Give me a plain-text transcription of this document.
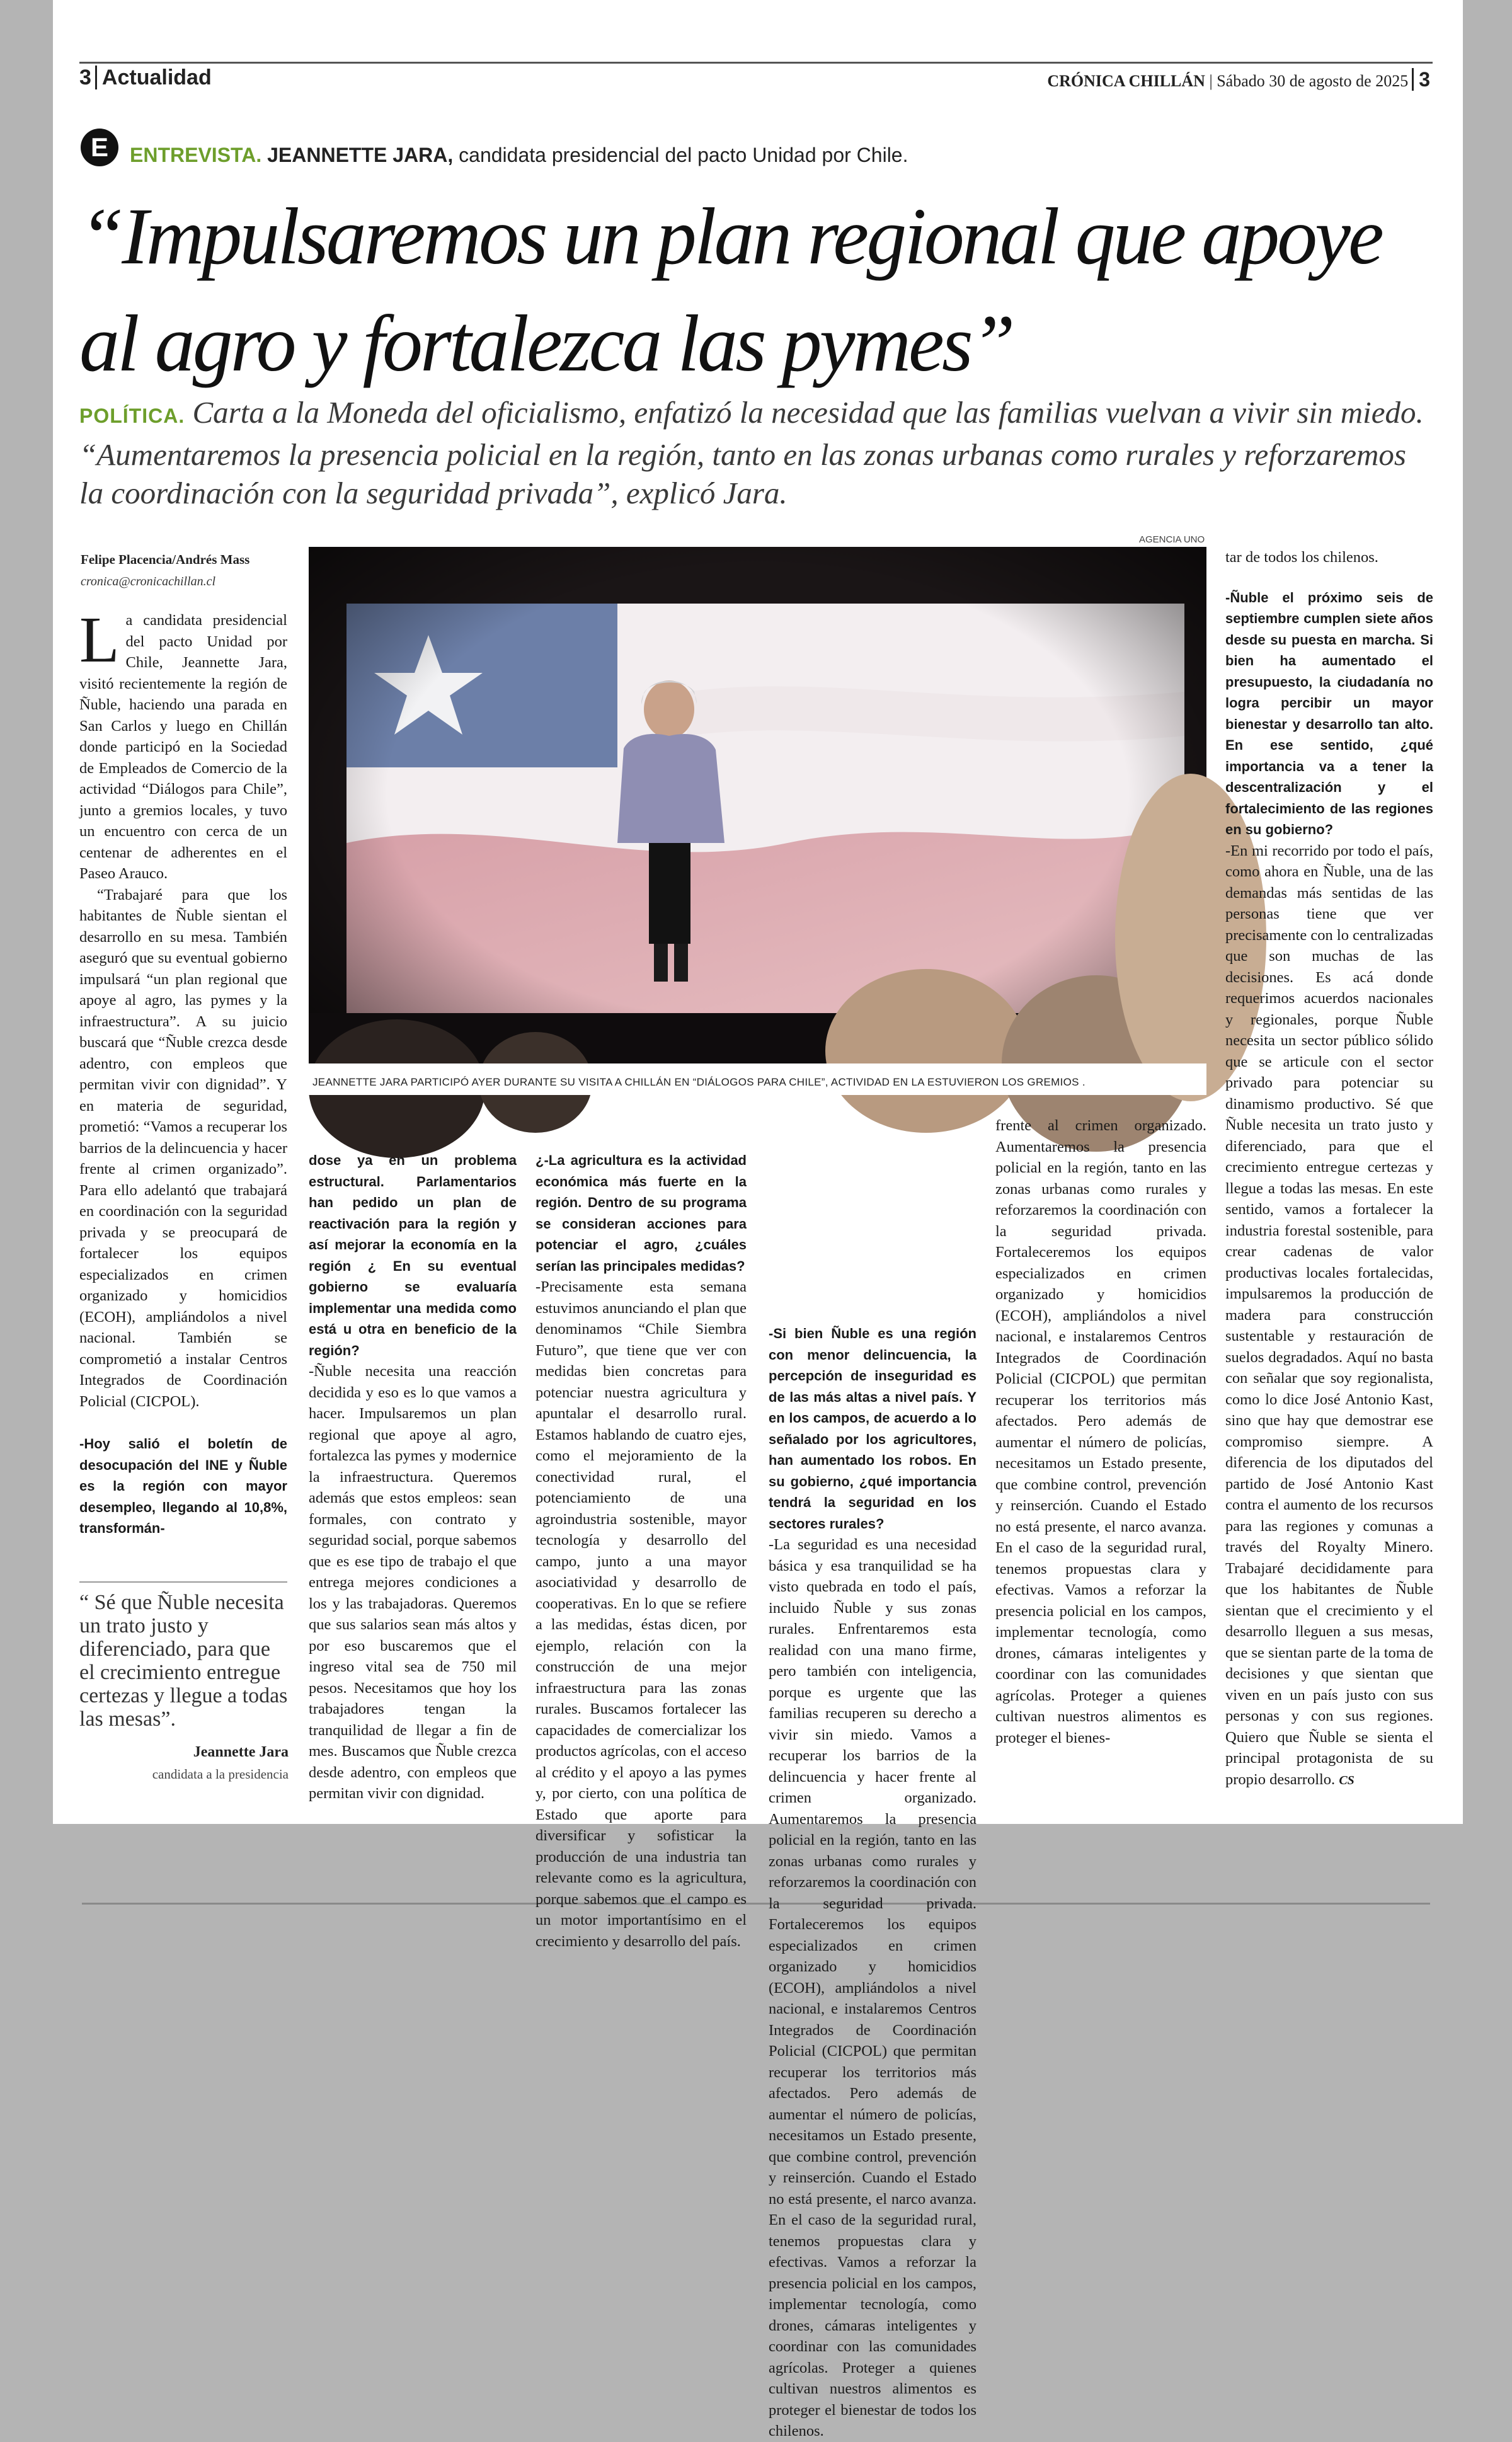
3 Actualidad	CRÓNICA CHILLÁN | Sábado 30 de agosto de 2025 3
E	ENTREVISTA. JEANNETTE JARA, candidata presidencial del pacto Unidad por Chile.
“Impulsaremos un plan regional que apoye al agro y fortalezca las pymes”
POLÍTICA. Carta a la Moneda del oficialismo, enfatizó la necesidad que las familias vuelvan a vivir sin miedo. “Aumentaremos la presencia policial en la región, tanto en las zonas urbanas como rurales y reforzaremos la coordinación con la seguridad privada”, explicó Jara.
Felipe Placencia/Andrés Mass
cronica@cronicachillan.cl
AGENCIA UNO
JEANNETTE JARA PARTICIPÓ AYER DURANTE SU VISITA A CHILLÁN EN “DIÁLOGOS PARA CHILE”, ACTIVIDAD EN LA ESTUVIERON LOS GREMIOS .

La candidata presidencial del pacto Unidad por Chile, Jeannette Jara, visitó recientemente la región de Ñuble, haciendo una parada en San Carlos y luego en Chillán donde participó en la Sociedad de Empleados de Comercio de la actividad “Diálogos para Chile”, junto a gremios locales, y tuvo un encuentro con cerca de un centenar de adherentes en el Paseo Arauco.

“Trabajaré para que los habitantes de Ñuble sientan el desarrollo en su mesa. También aseguró que su eventual gobierno impulsará “un plan regional que apoye al agro, las pymes y la infraestructura”. A su juicio buscará que “Ñuble crezca desde adentro, con empleos que permitan vivir con dignidad”. Y en materia de seguridad, prometió: “Vamos a recuperar los barrios de la delincuencia y hacer frente al crimen organizado”. Para ello adelantó que trabajará en coordinación con la seguridad privada y se preocupará de fortalecer los equipos especializados en crimen organizado y homicidios (ECOH), ampliándolos a nivel nacional. También se comprometió a instalar Centros Integrados de Coordinación Policial (CICPOL).

-Hoy salió el boletín de desocupación del INE y Ñuble es la región con mayor desempleo, llegando al 10,8%, transformán-

“ Sé que Ñuble necesita un trato justo y diferenciado, para que el crecimiento entregue certezas y llegue a todas las mesas”.
Jeannette Jara
candidata a la presidencia

dose ya en un problema estructural. Parlamentarios han pedido un plan de reactivación para la región y así mejorar la economía en la región ¿ En su eventual gobierno se evaluaría implementar una medida como está u otra en beneficio de la región?

-Ñuble necesita una reacción decidida y eso es lo que vamos a hacer. Impulsaremos un plan regional que apoye al agro, fortalezca las pymes y modernice la infraestructura. Queremos además que estos empleos: sean formales, con contrato y seguridad social, porque sabemos que es ese tipo de trabajo el que entrega mejores condiciones a los y las trabajadoras. Queremos que sus salarios sean más altos y por eso buscaremos que el ingreso vital sea de 750 mil pesos. Necesitamos que hoy los trabajadores tengan la tranquilidad de llegar a fin de mes. Buscamos que Ñuble crezca desde adentro, con empleos que permitan vivir con dignidad.

¿-La agricultura es la actividad económica más fuerte en la región. Dentro de su programa se consideran acciones para potenciar el agro, ¿cuáles serían las principales medidas?

-Precisamente esta semana estuvimos anunciando el plan que denominamos “Chile Siembra Futuro”, que tiene que ver con medidas bien concretas para potenciar nuestra agricultura y apuntalar el desarrollo rural. Estamos hablando de cuatro ejes, como el mejoramiento de la conectividad rural, el potenciamiento de una agroindustria sostenible, mayor tecnología y desarrollo del campo, junto a una mayor asociatividad y desarrollo de cooperativas. En lo que se refiere a las medidas, éstas dicen, por ejemplo, relación con la construcción de una mejor infraestructura para las zonas rurales. Buscamos fortalecer las capacidades de comercializar los productos agrícolas, con el acceso al crédito y el apoyo a las pymes y, por cierto, con una política de Estado que aporte para diversificar y sofisticar la producción de una industria tan relevante como es la agricultura, porque sabemos que el campo es un motor importantísimo en el crecimiento y desarrollo del país.

-Si bien Ñuble es una región con menor delincuencia, la percepción de inseguridad es de las más altas a nivel país. Y en los campos, de acuerdo a lo señalado por los agricultores, han aumentado los robos. En su gobierno, ¿qué importancia tendrá la seguridad en los sectores rurales?

-La seguridad es una necesidad básica y esa tranquilidad se ha visto quebrada en todo el país, incluido Ñuble y sus zonas rurales. Enfrentaremos esta realidad con una mano firme, pero también con inteligencia, porque es urgente que las familias recuperen su derecho a vivir sin miedo. Vamos a recuperar los barrios de la delincuencia y hacer frente al crimen organizado. Aumentaremos la presencia policial en la región, tanto en las zonas urbanas como rurales y reforzaremos la coordinación con la seguridad privada. Fortaleceremos los equipos especializados en crimen organizado y homicidios (ECOH), ampliándolos a nivel nacional, e instalaremos Centros Integrados de Coordinación Policial (CICPOL) que permitan recuperar los territorios más afectados. Pero además de aumentar el número de policías, necesitamos un Estado presente, que combine control, prevención y reinserción. Cuando el Estado no está presente, el narco avanza. En el caso de la seguridad rural, tenemos propuestas clara y efectivas. Vamos a reforzar la presencia policial en los campos, implementar tecnología, como drones, cámaras inteligentes y coordinar con las comunidades agrícolas. Proteger a quienes cultivan nuestros alimentos es proteger el bienestar de todos los chilenos.

frente al crimen organizado. Aumentaremos la presencia policial en la región, tanto en las zonas urbanas como rurales y reforzaremos la coordinación con la seguridad privada. Fortaleceremos los equipos especializados en crimen organizado y homicidios (ECOH), ampliándolos a nivel nacional, e instalaremos Centros Integrados de Coordinación Policial (CICPOL) que permitan recuperar los territorios más afectados. Pero además de aumentar el número de policías, necesitamos un Estado presente, que combine control, prevención y reinserción. Cuando el Estado no está presente, el narco avanza. En el caso de la seguridad rural, tenemos propuestas clara y efectivas. Vamos a reforzar la presencia policial en los campos, implementar tecnología, como drones, cámaras inteligentes y coordinar con las comunidades agrícolas. Proteger a quienes cultivan nuestros alimentos es proteger el bienes-

tar de todos los chilenos.

-Ñuble el próximo seis de septiembre cumplen siete años desde su puesta en marcha. Si bien ha aumentado el presupuesto, la ciudadanía no logra percibir un mayor bienestar y desarrollo tan alto. En ese sentido, ¿qué importancia va a tener la descentralización y el fortalecimiento de las regiones en su gobierno?

-En mi recorrido por todo el país, como ahora en Ñuble, una de las demandas más sentidas de las personas tiene que ver precisamente con lo centralizadas que son muchas de las decisiones. Es acá donde requerimos acuerdos nacionales y regionales, porque Ñuble necesita un sector público sólido que se articule con el sector privado para potenciar su dinamismo productivo. Sé que Ñuble necesita un trato justo y diferenciado, para que el crecimiento entregue certezas y llegue a todas las mesas. En este sentido, vamos a fortalecer la industria forestal sostenible, para crear cadenas de valor productivas locales fortalecidas, impulsaremos la producción de madera para construcción sustentable y restauración de suelos degradados. Aquí no basta con señalar que soy regionalista, como lo dice José Antonio Kast, sino que hay que demostrar ese compromiso siempre. A diferencia de los diputados del partido de José Antonio Kast contra el aumento de los recursos para las regiones y comunas a través del Royalty Minero. Trabajaré decididamente para que los habitantes de Ñuble sientan que el crecimiento y el desarrollo lleguen a sus mesas, que se sientan parte de la toma de decisiones y que sientan que viven en un país justo con sus personas y con sus regiones. Quiero que Ñuble se sienta el principal protagonista de su propio desarrollo. CS
